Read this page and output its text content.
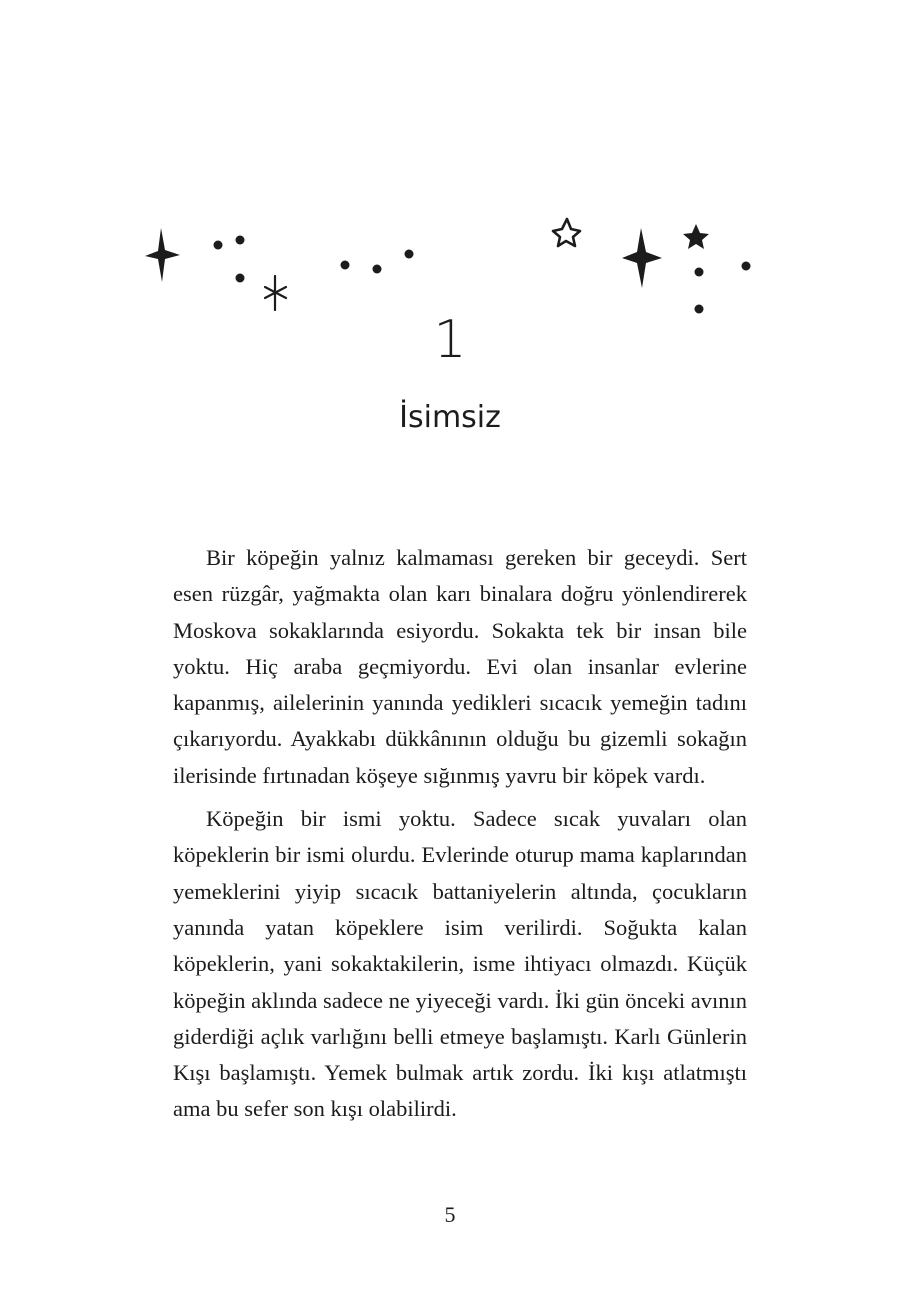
1
İsimsiz

Bir köpeğin yalnız kalmaması gereken bir geceydi. Sert esen rüzgâr, yağmakta olan karı binalara doğru yönlendirerek Moskova sokaklarında esiyordu. Sokakta tek bir insan bile yoktu. Hiç araba geçmiyordu. Evi olan insanlar evlerine kapanmış, ailelerinin yanında yedikleri sıcacık yemeğin tadını çıkarıyordu. Ayakkabı dükkânının olduğu bu gizemli sokağın ilerisinde fırtınadan köşeye sığınmış yavru bir köpek vardı.

Köpeğin bir ismi yoktu. Sadece sıcak yuvaları olan köpeklerin bir ismi olurdu. Evlerinde oturup mama kaplarından yemeklerini yiyip sıcacık battaniyelerin altında, çocukların yanında yatan köpeklere isim verilirdi. Soğukta kalan köpeklerin, yani sokaktakilerin, isme ihtiyacı olmazdı. Küçük köpeğin aklında sadece ne yiyeceği vardı. İki gün önceki avının giderdiği açlık varlığını belli etmeye başlamıştı. Karlı Günlerin Kışı başlamıştı. Yemek bulmak artık zordu. İki kışı atlatmıştı ama bu sefer son kışı olabilirdi.

5
